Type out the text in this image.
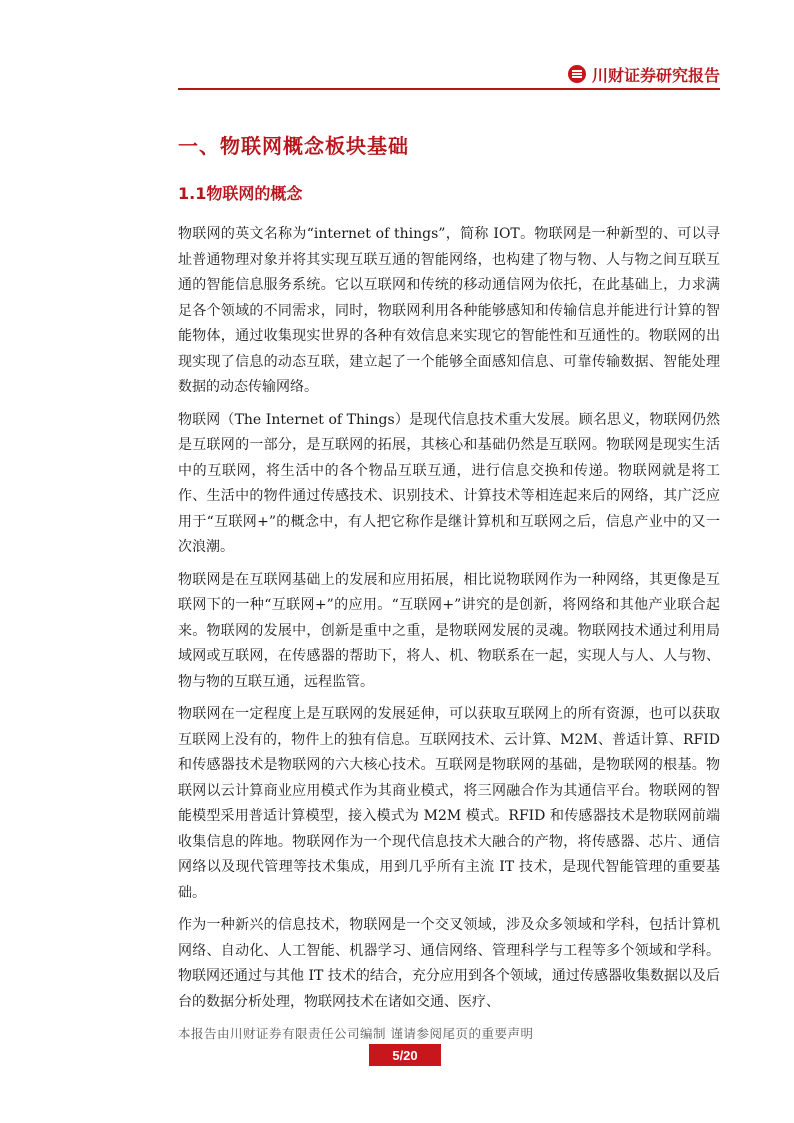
川财证券研究报告
一、物联网概念板块基础
1.1物联网的概念

物联网的英文名称为“internet of things”，简称 IOT。物联网是一种新型的、可以寻址普通物理对象并将其实现互联互通的智能网络，也构建了物与物、人与物之间互联互通的智能信息服务系统。它以互联网和传统的移动通信网为依托，在此基础上，力求满足各个领域的不同需求，同时，物联网利用各种能够感知和传输信息并能进行计算的智能物体，通过收集现实世界的各种有效信息来实现它的智能性和互通性的。物联网的出现实现了信息的动态互联，建立起了一个能够全面感知信息、可靠传输数据、智能处理数据的动态传输网络。

物联网（The Internet of Things）是现代信息技术重大发展。顾名思义，物联网仍然是互联网的一部分，是互联网的拓展，其核心和基础仍然是互联网。物联网是现实生活中的互联网，将生活中的各个物品互联互通，进行信息交换和传递。物联网就是将工作、生活中的物件通过传感技术、识别技术、计算技术等相连起来后的网络，其广泛应用于“互联网+”的概念中，有人把它称作是继计算机和互联网之后，信息产业中的又一次浪潮。

物联网是在互联网基础上的发展和应用拓展，相比说物联网作为一种网络，其更像是互联网下的一种“互联网+”的应用。“互联网+”讲究的是创新，将网络和其他产业联合起来。物联网的发展中，创新是重中之重，是物联网发展的灵魂。物联网技术通过利用局域网或互联网，在传感器的帮助下，将人、机、物联系在一起，实现人与人、人与物、物与物的互联互通，远程监管。

物联网在一定程度上是互联网的发展延伸，可以获取互联网上的所有资源，也可以获取互联网上没有的，物件上的独有信息。互联网技术、云计算、M2M、普适计算、RFID 和传感器技术是物联网的六大核心技术。互联网是物联网的基础，是物联网的根基。物联网以云计算商业应用模式作为其商业模式，将三网融合作为其通信平台。物联网的智能模型采用普适计算模型，接入模式为 M2M 模式。RFID 和传感器技术是物联网前端收集信息的阵地。物联网作为一个现代信息技术大融合的产物，将传感器、芯片、通信网络以及现代管理等技术集成，用到几乎所有主流 IT 技术，是现代智能管理的重要基础。

作为一种新兴的信息技术，物联网是一个交叉领域，涉及众多领域和学科，包括计算机网络、自动化、人工智能、机器学习、通信网络、管理科学与工程等多个领域和学科。物联网还通过与其他 IT 技术的结合，充分应用到各个领域，通过传感器收集数据以及后台的数据分析处理，物联网技术在诸如交通、医疗、

本报告由川财证券有限责任公司编制 谨请参阅尾页的重要声明
5/20
